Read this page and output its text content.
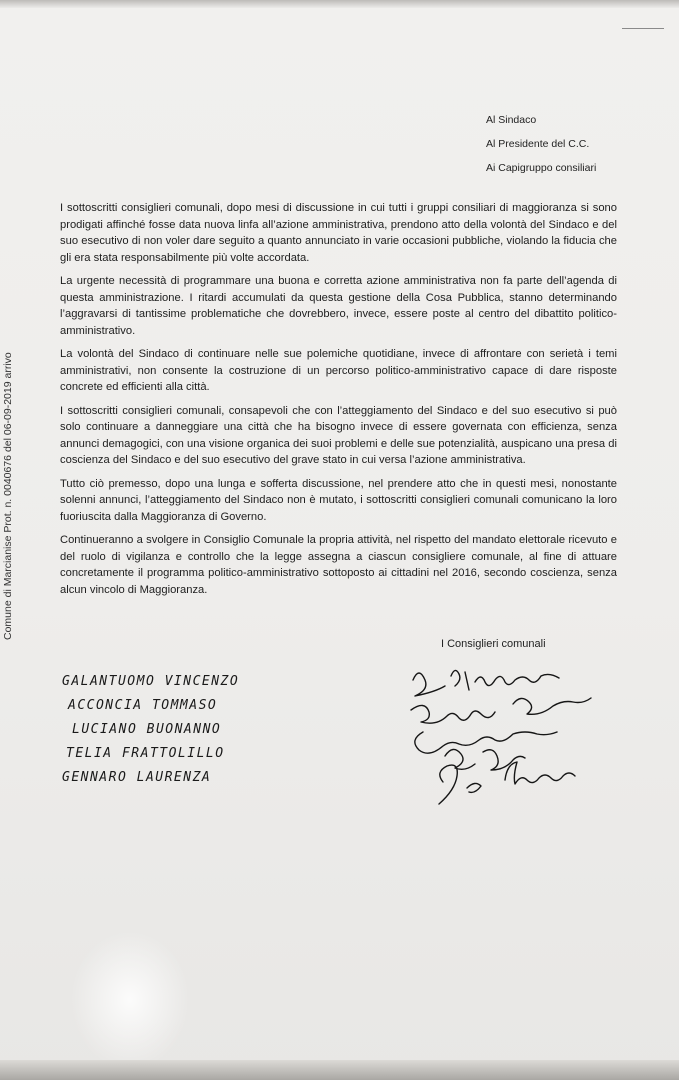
Comune di Marcianise Prot. n. 0040676 del 06-09-2019 arrivo
Al Sindaco
Al Presidente del C.C.
Ai Capigruppo consiliari

I sottoscritti consiglieri comunali, dopo mesi di discussione in cui tutti i gruppi consiliari di maggioranza si sono prodigati affinché fosse data nuova linfa all’azione amministrativa, prendono atto della volontà del Sindaco e del suo esecutivo di non voler dare seguito a quanto annunciato in varie occasioni pubbliche, violando la fiducia che gli era stata responsabilmente più volte accordata.

La urgente necessità di programmare una buona e corretta azione amministrativa non fa parte dell’agenda di questa amministrazione. I ritardi accumulati da questa gestione della Cosa Pubblica, stanno determinando l’aggravarsi di tantissime problematiche che dovrebbero, invece, essere poste al centro del dibattito politico-amministrativo.

La volontà del Sindaco di continuare nelle sue polemiche quotidiane, invece di affrontare con serietà i temi amministrativi, non consente la costruzione di un percorso politico-amministrativo capace di dare risposte concrete ed efficienti alla città.

I sottoscritti consiglieri comunali, consapevoli che con l’atteggiamento del Sindaco e del suo esecutivo si può solo continuare a danneggiare una città che ha bisogno invece di essere governata con efficienza, senza annunci demagogici, con una visione organica dei suoi problemi e delle sue potenzialità, auspicano una presa di coscienza del Sindaco e del suo esecutivo del grave stato in cui versa l’azione amministrativa.

Tutto ciò premesso, dopo una lunga e sofferta discussione, nel prendere atto che in questi mesi, nonostante solenni annunci, l’atteggiamento del Sindaco non è mutato, i sottoscritti consiglieri comunali comunicano la loro fuoriuscita dalla Maggioranza di Governo.

Continueranno a svolgere in Consiglio Comunale la propria attività, nel rispetto del mandato elettorale ricevuto e del ruolo di vigilanza e controllo che la legge assegna a ciascun consigliere comunale, al fine di attuare concretamente il programma politico-amministrativo sottoposto ai cittadini nel 2016, secondo coscienza, senza alcun vincolo di Maggioranza.

I Consiglieri comunali
GALANTUOMO VINCENZO
ACCONCIA TOMMASO
LUCIANO BUONANNO
TELIA FRATTOLILLO
GENNARO LAURENZA
